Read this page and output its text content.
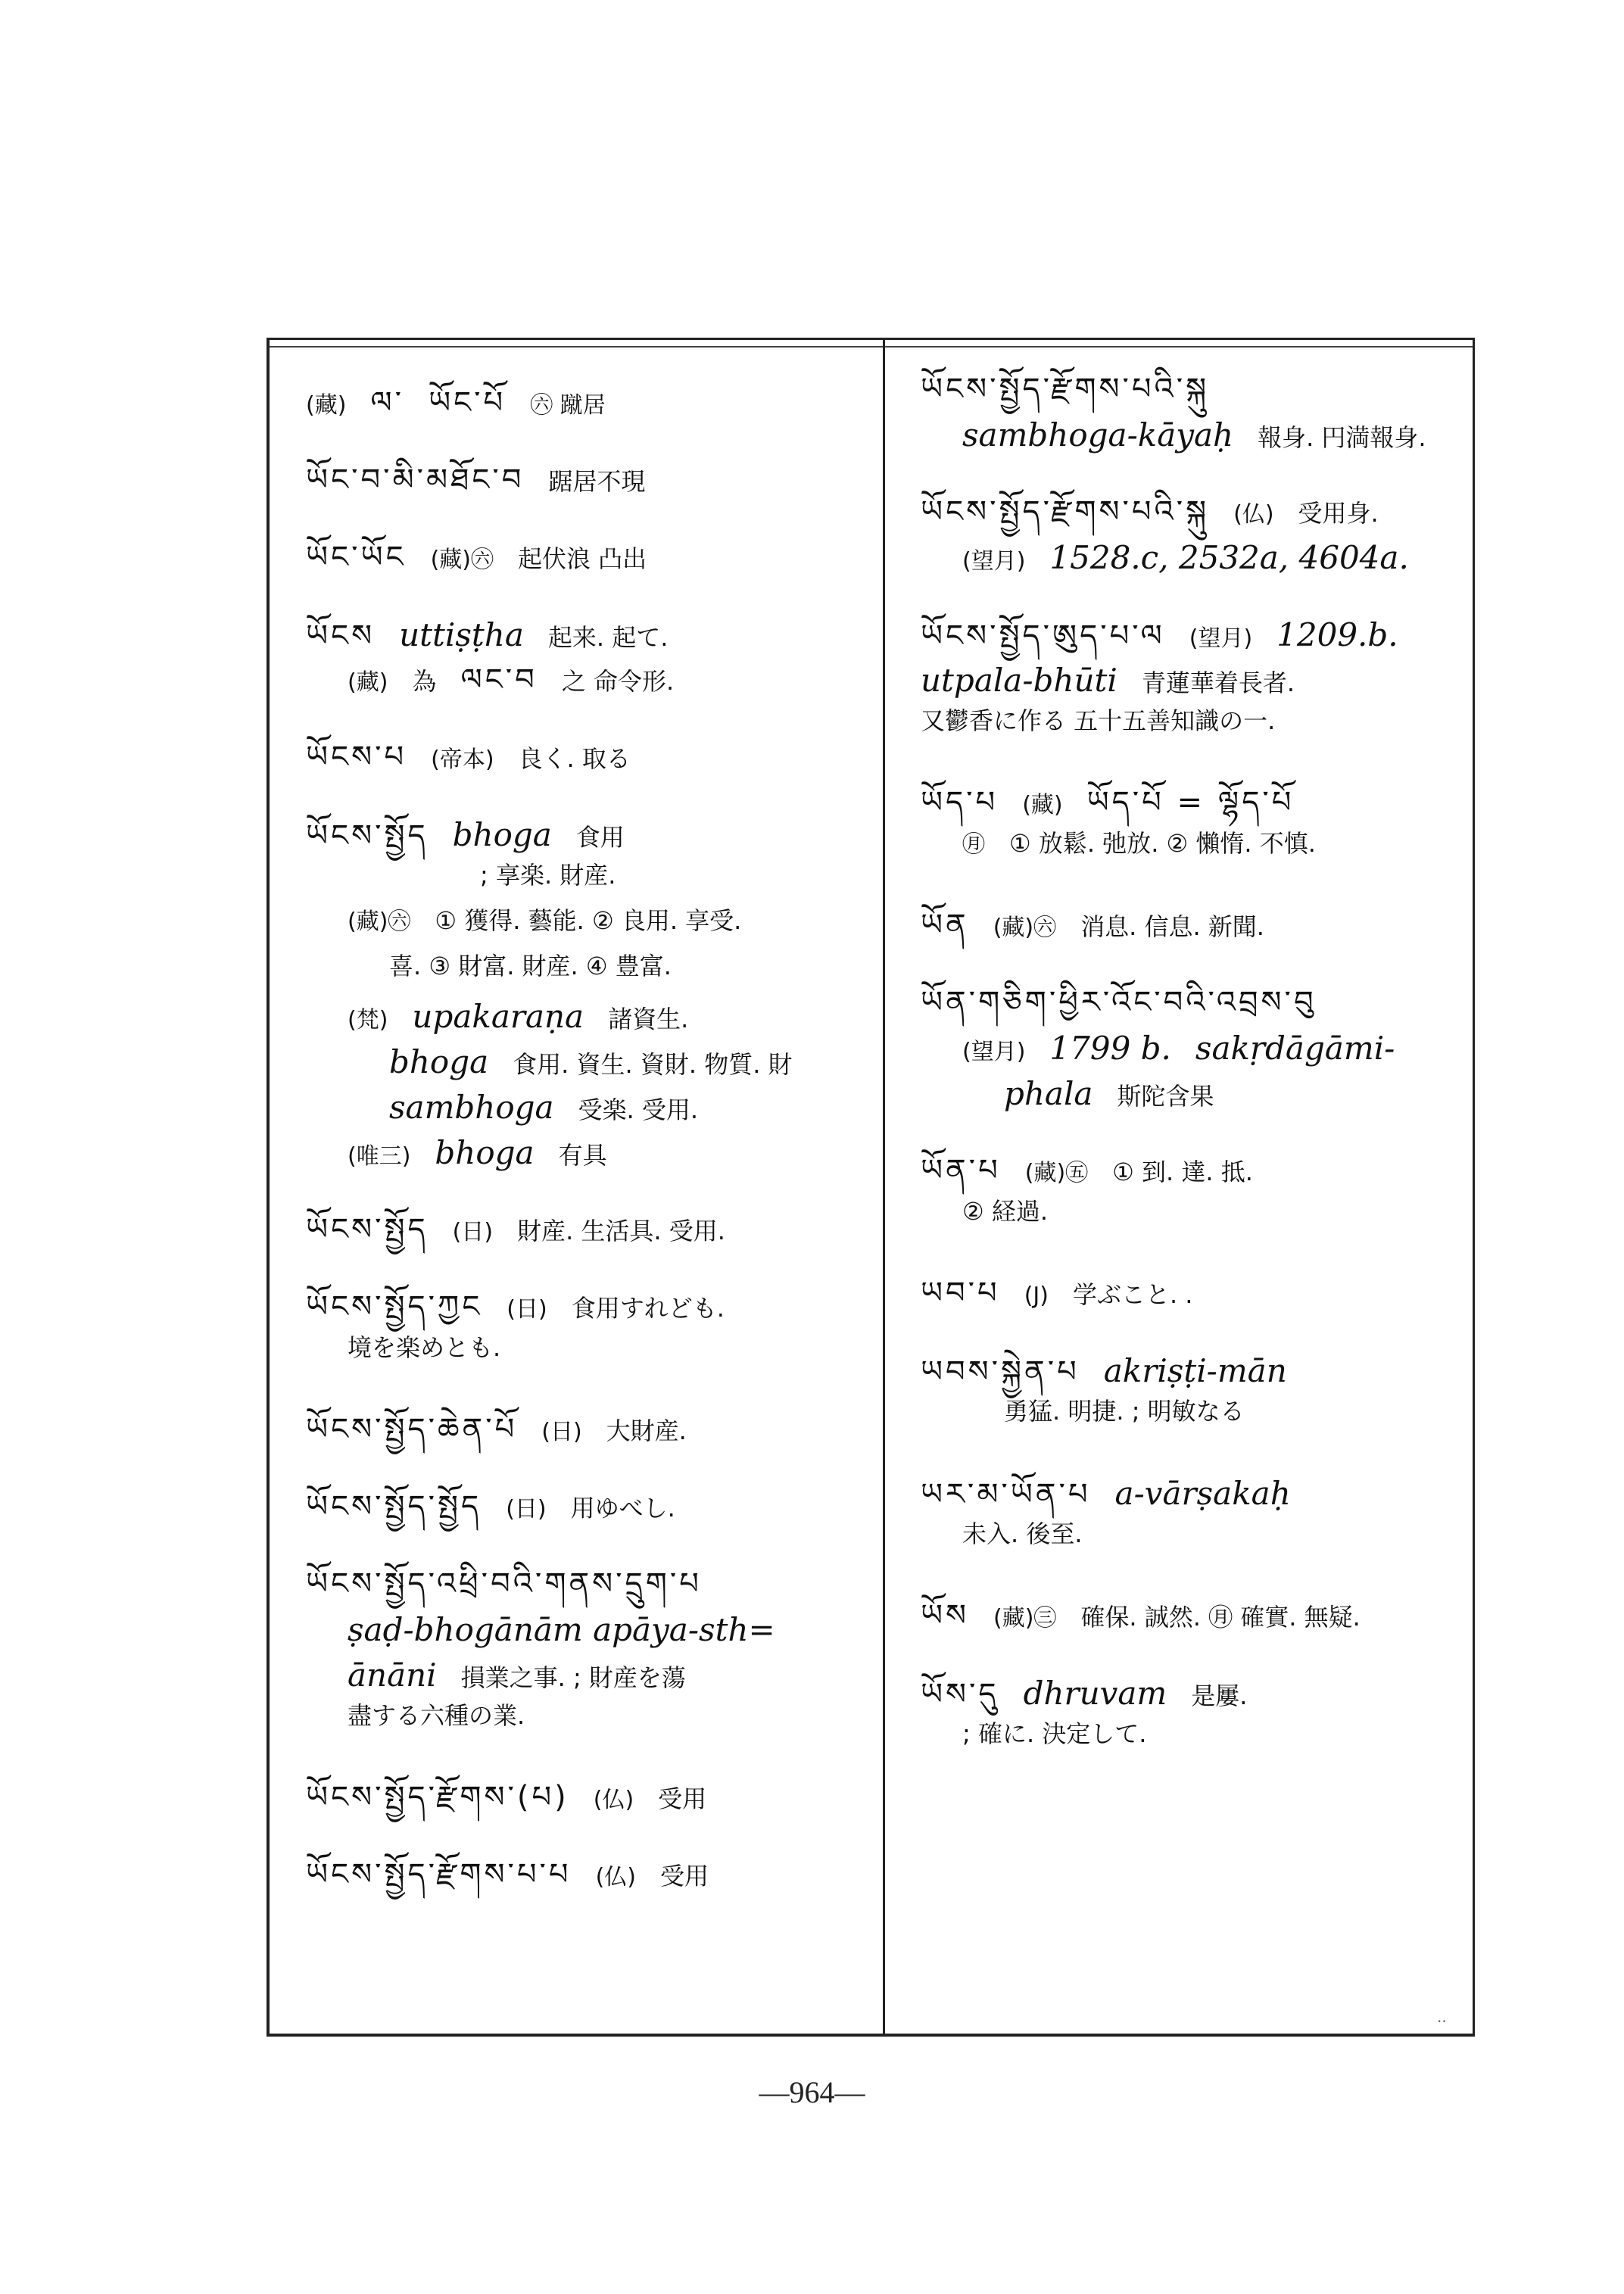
(藏) ལ་ ཡོང་པོ ㊅ 蹴居
ཡོང་བ་མི་མཐོང་བ 踞居不現
ཡོང་ཡོང (藏)㊅ 起伏浪 凸出
ཡོངས uttiṣṭha 起来. 起て.
(藏) 為 ལང་བ 之 命令形.
ཡོངས་པ (帝本) 良く. 取る
ཡོངས་སྤྱོད bhoga 食用
; 享楽. 財産.
(藏)㊅ ① 獲得. 藝能. ② 良用. 享受.
喜. ③ 財富. 財産. ④ 豊富.
(梵) upakaraṇa 諸資生.
bhoga 食用. 資生. 資財. 物質. 財
sambhoga 受楽. 受用.
(唯三) bhoga 有具
ཡོངས་སྤྱོད (日) 財産. 生活具. 受用.
ཡོངས་སྤྱོད་ཀྱང (日) 食用すれども.
境を楽めとも.
ཡོངས་སྤྱོད་ཆེན་པོ (日) 大財産.
ཡོངས་སྤྱོད་སྤྱོད (日) 用ゆべし.
ཡོངས་སྤྱོད་འཕྲི་བའི་གནས་དྲུག་པ
ṣaḍ-bhogānām apāya-sth=
ānāni 損業之事. ; 財産を蕩
盡する六種の業.
ཡོངས་སྤྱོད་རྫོགས་(པ) (仏) 受用
ཡོངས་སྤྱོད་རྫོགས་པ་པ (仏) 受用
ཡོངས་སྤྱོད་རྫོགས་པའི་སྐུ
sambhoga-kāyaḥ 報身. 円満報身.
ཡོངས་སྤྱོད་རྫོགས་པའི་སྐུ (仏) 受用身.
(望月) 1528.c, 2532a, 4604a.
ཡོངས་སྤྱོད་ཨུད་པ་ལ (望月) 1209.b.
utpala-bhūti 青蓮華着長者.
又鬱香に作る 五十五善知識の一.
ཡོད་པ (藏) ཡོད་པོ = ལྷོད་པོ
㊊ ① 放鬆. 弛放. ② 懶惰. 不慎.
ཡོན (藏)㊅ 消息. 信息. 新聞.
ཡོན་གཅིག་ཕྱིར་འོང་བའི་འབྲས་བུ
(望月) 1799 b. sakṛdāgāmi-
phala 斯陀含果
ཡོན་པ (藏)㊄ ① 到. 達. 抵.
② 経過.
ཡབ་པ (J) 学ぶこと. .
ཡབས་སྐྱེན་པ akriṣṭi-mān
勇猛. 明捷. ; 明敏なる
ཡར་མ་ཡོན་པ a-vārṣakaḥ
未入. 後至.
ཡོས (藏)㊂ 確保. 誠然. ㊊ 確實. 無疑.
ཡོས་དུ dhruvam 是屢.
; 確に. 決定して.
..
—964—
